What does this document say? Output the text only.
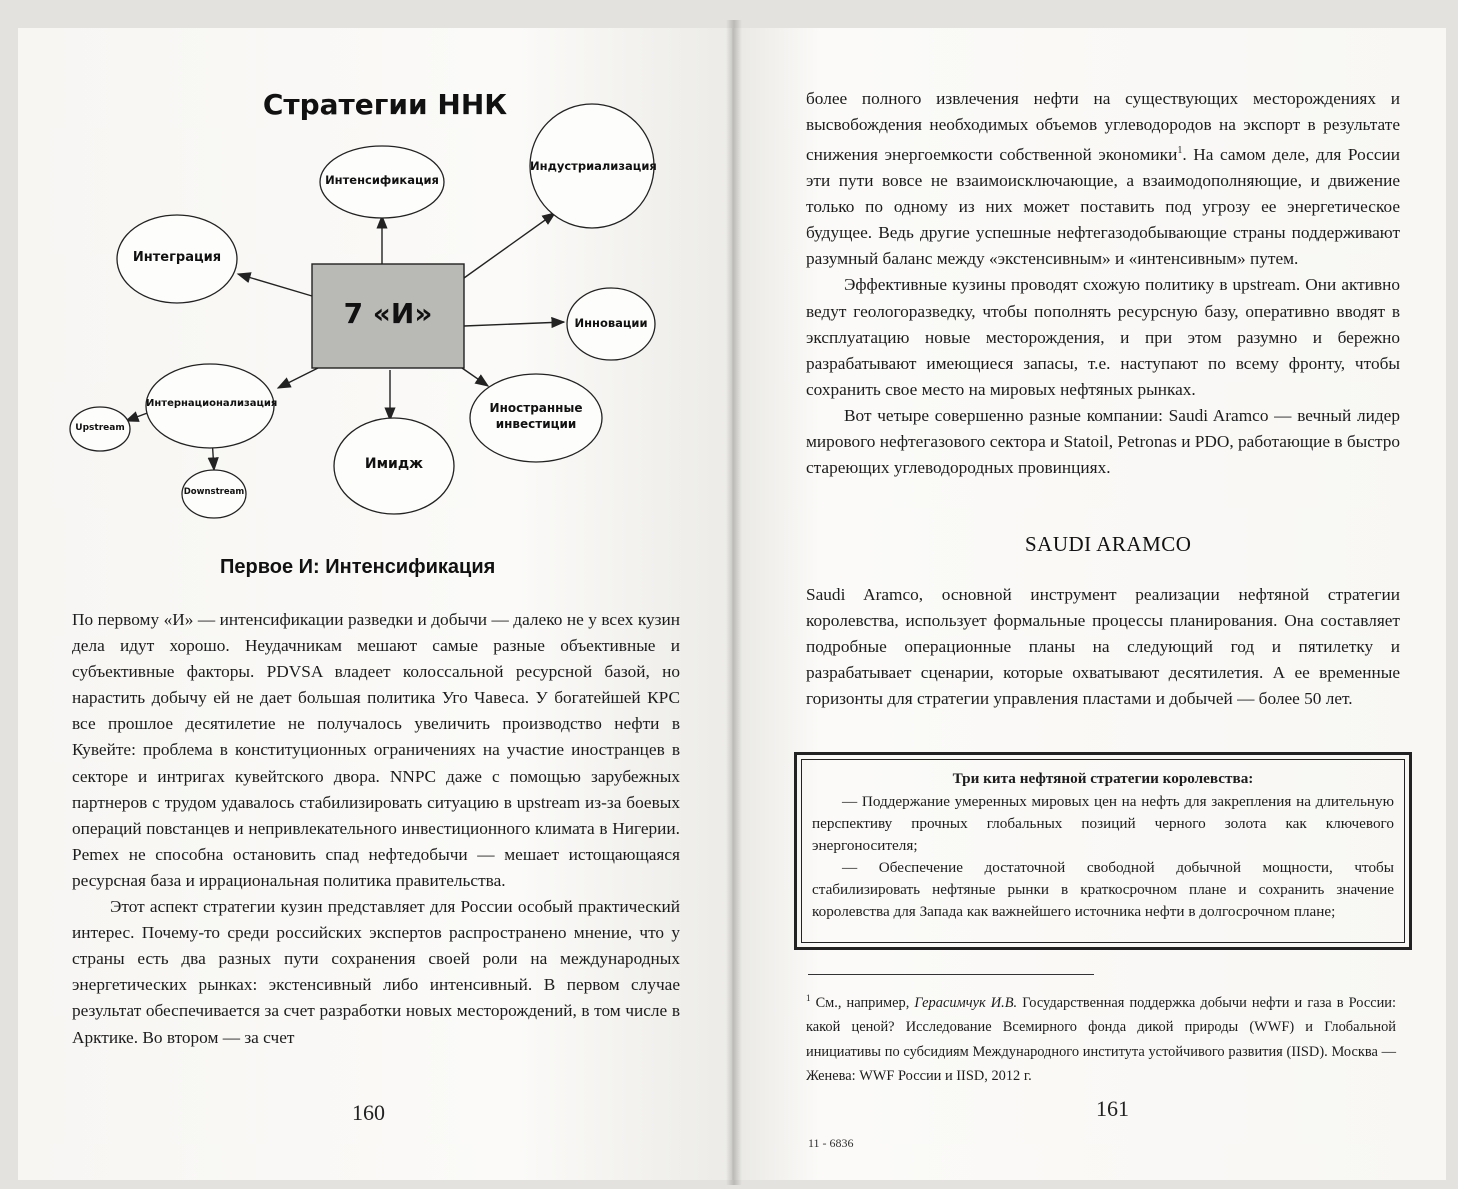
Стратегии ННК
7 «И»
Интенсификация
Индустриализация
Интеграция
Инновации
Интернационализация	Иностранные
инвестиции
Имидж
Upstream
Downstream
Первое И: Интенсификация

По первому «И» — интенсификации разведки и добычи — далеко не у всех кузин дела идут хорошо. Неудачникам мешают самые разные объективные и субъективные факторы. PDVSA владеет колоссальной ресурсной базой, но нарастить добычу ей не дает большая политика Уго Чавеса. У богатейшей КРС все прошлое десятилетие не получалось увеличить производство нефти в Кувейте: проблема в конституционных ограничениях на участие иностранцев в секторе и интригах кувейтского двора. NNPC даже с помощью зарубежных партнеров с трудом удавалось стабилизировать ситуацию в upstream из-за боевых операций повстанцев и непривлекательного инвестиционного климата в Нигерии. Pemex не способна остановить спад нефтедобычи — мешает истощающаяся ресурсная база и иррациональная политика правительства.

Этот аспект стратегии кузин представляет для России особый практический интерес. Почему-то среди российских экспертов распространено мнение, что у страны есть два разных пути сохранения своей роли на международных энергетических рынках: экстенсивный либо интенсивный. В первом случае результат обеспечивается за счет разработки новых месторождений, в том числе в Арктике. Во втором — за счет

160

более полного извлечения нефти на существующих месторождениях и высвобождения необходимых объемов углеводородов на экспорт в результате снижения энергоемкости собственной экономики$^1$. На самом деле, для России эти пути вовсе не взаимоисключающие, а взаимодополняющие, и движение только по одному из них может поставить под угрозу ее энергетическое будущее. Ведь другие успешные нефтегазодобывающие страны поддерживают разумный баланс между «экстенсивным» и «интенсивным» путем.

Эффективные кузины проводят схожую политику в upstream. Они активно ведут геологоразведку, чтобы пополнять ресурсную базу, оперативно вводят в эксплуатацию новые месторождения, и при этом разумно и бережно разрабатывают имеющиеся запасы, т.е. наступают по всему фронту, чтобы сохранить свое место на мировых нефтяных рынках.

Вот четыре совершенно разные компании: Saudi Aramco — вечный лидер мирового нефтегазового сектора и Statoil, Petronas и PDO, работающие в быстро стареющих углеводородных провинциях.

SAUDI ARAMCO

Saudi Aramco, основной инструмент реализации нефтяной стратегии королевства, использует формальные процессы планирования. Она составляет подробные операционные планы на следующий год и пятилетку и разрабатывает сценарии, которые охватывают десятилетия. А ее временные горизонты для стратегии управления пластами и добычей — более 50 лет.

Три кита нефтяной стратегии королевства:

— Поддержание умеренных мировых цен на нефть для закрепления на длительную перспективу прочных глобальных позиций черного золота как ключевого энергоносителя;

— Обеспечение достаточной свободной добычной мощности, чтобы стабилизировать нефтяные рынки в краткосрочном плане и сохранить значение королевства для Запада как важнейшего источника нефти в долгосрочном плане;

$^1$ См., например, Герасимчук И.В. Государственная поддержка добычи нефти и газа в России: какой ценой? Исследование Всемирного фонда дикой природы (WWF) и Глобальной инициативы по субсидиям Международного института устойчивого развития (IISD). Москва — Женева: WWF России и IISD, 2012 г.

11 - 6836
161
